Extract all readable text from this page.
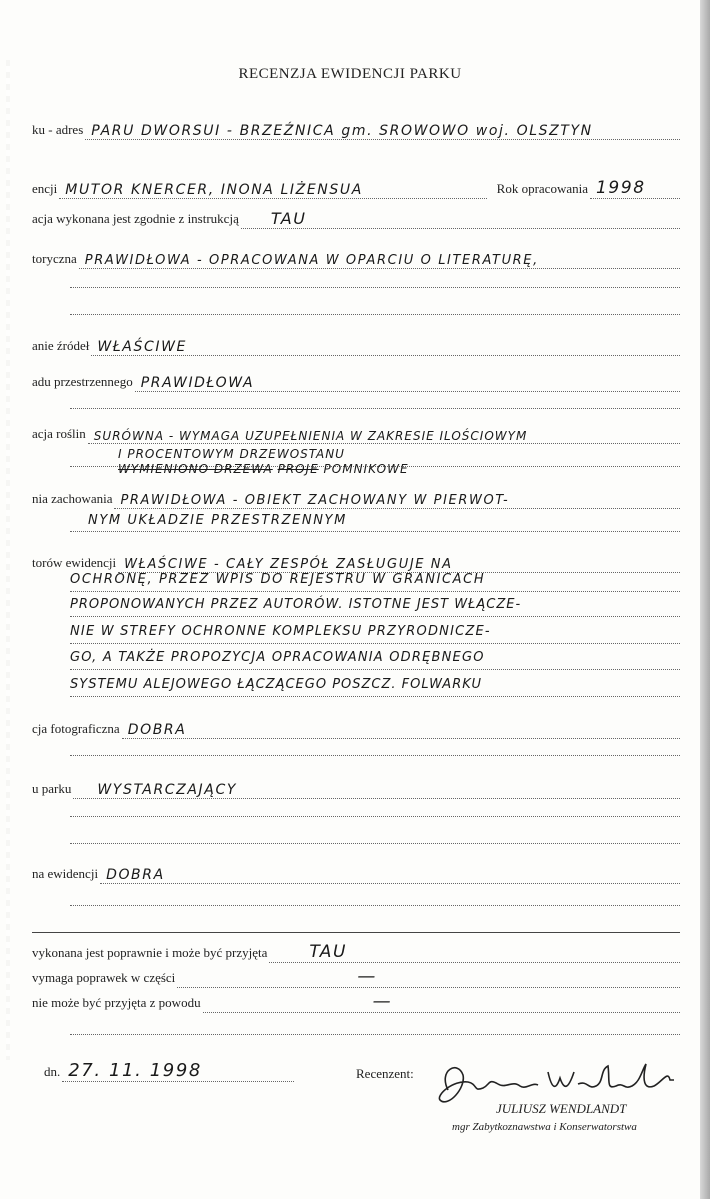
RECENZJA EWIDENCJI PARKU
ku - adres PARU DWORSUI - BRZEŹNICA gm. SROWOWO woj. OLSZTYN
encji MUTOR KNERCER, INONA LIŻENSUA	Rok opracowania 1998
acja wykonana jest zgodnie z instrukcją TAU
toryczna PRAWIDŁOWA - OPRACOWANA W OPARCIU O LITERATURĘ,
anie źródeł WŁAŚCIWE
adu przestrzennego PRAWIDŁOWA
acja roślin SURÓWNA - WYMAGA UZUPEŁNIENIA W ZAKRESIE ILOŚCIOWYM
I PROCENTOWYM DRZEWOSTANU
WYMIENIONO DRZEWA PROJE POMNIKOWE
nia zachowania PRAWIDŁOWA - OBIEKT ZACHOWANY W PIERWOT-
NYM UKŁADZIE PRZESTRZENNYM
torów ewidencji WŁAŚCIWE - CAŁY ZESPÓŁ ZASŁUGUJE NA
OCHRONĘ, PRZEZ WPIS DO REJESTRU W GRANICACH
PROPONOWANYCH PRZEZ AUTORÓW. ISTOTNE JEST WŁĄCZE-
NIE W STREFY OCHRONNE KOMPLEKSU PRZYRODNICZE-
GO, A TAKŻE PROPOZYCJA OPRACOWANIA ODRĘBNEGO
SYSTEMU ALEJOWEGO ŁĄCZĄCEGO POSZCZ. FOLWARKU
cja fotograficzna DOBRA
u parku WYSTARCZAJĄCY
na ewidencji DOBRA
vykonana jest poprawnie i może być przyjęta TAU
vymaga poprawek w części	—
nie może być przyjęta z powodu	—
dn. 27. 11. 1998	Recenzent:
JULIUSZ WENDLANDT
mgr Zabytkoznawstwa i Konserwatorstwa
